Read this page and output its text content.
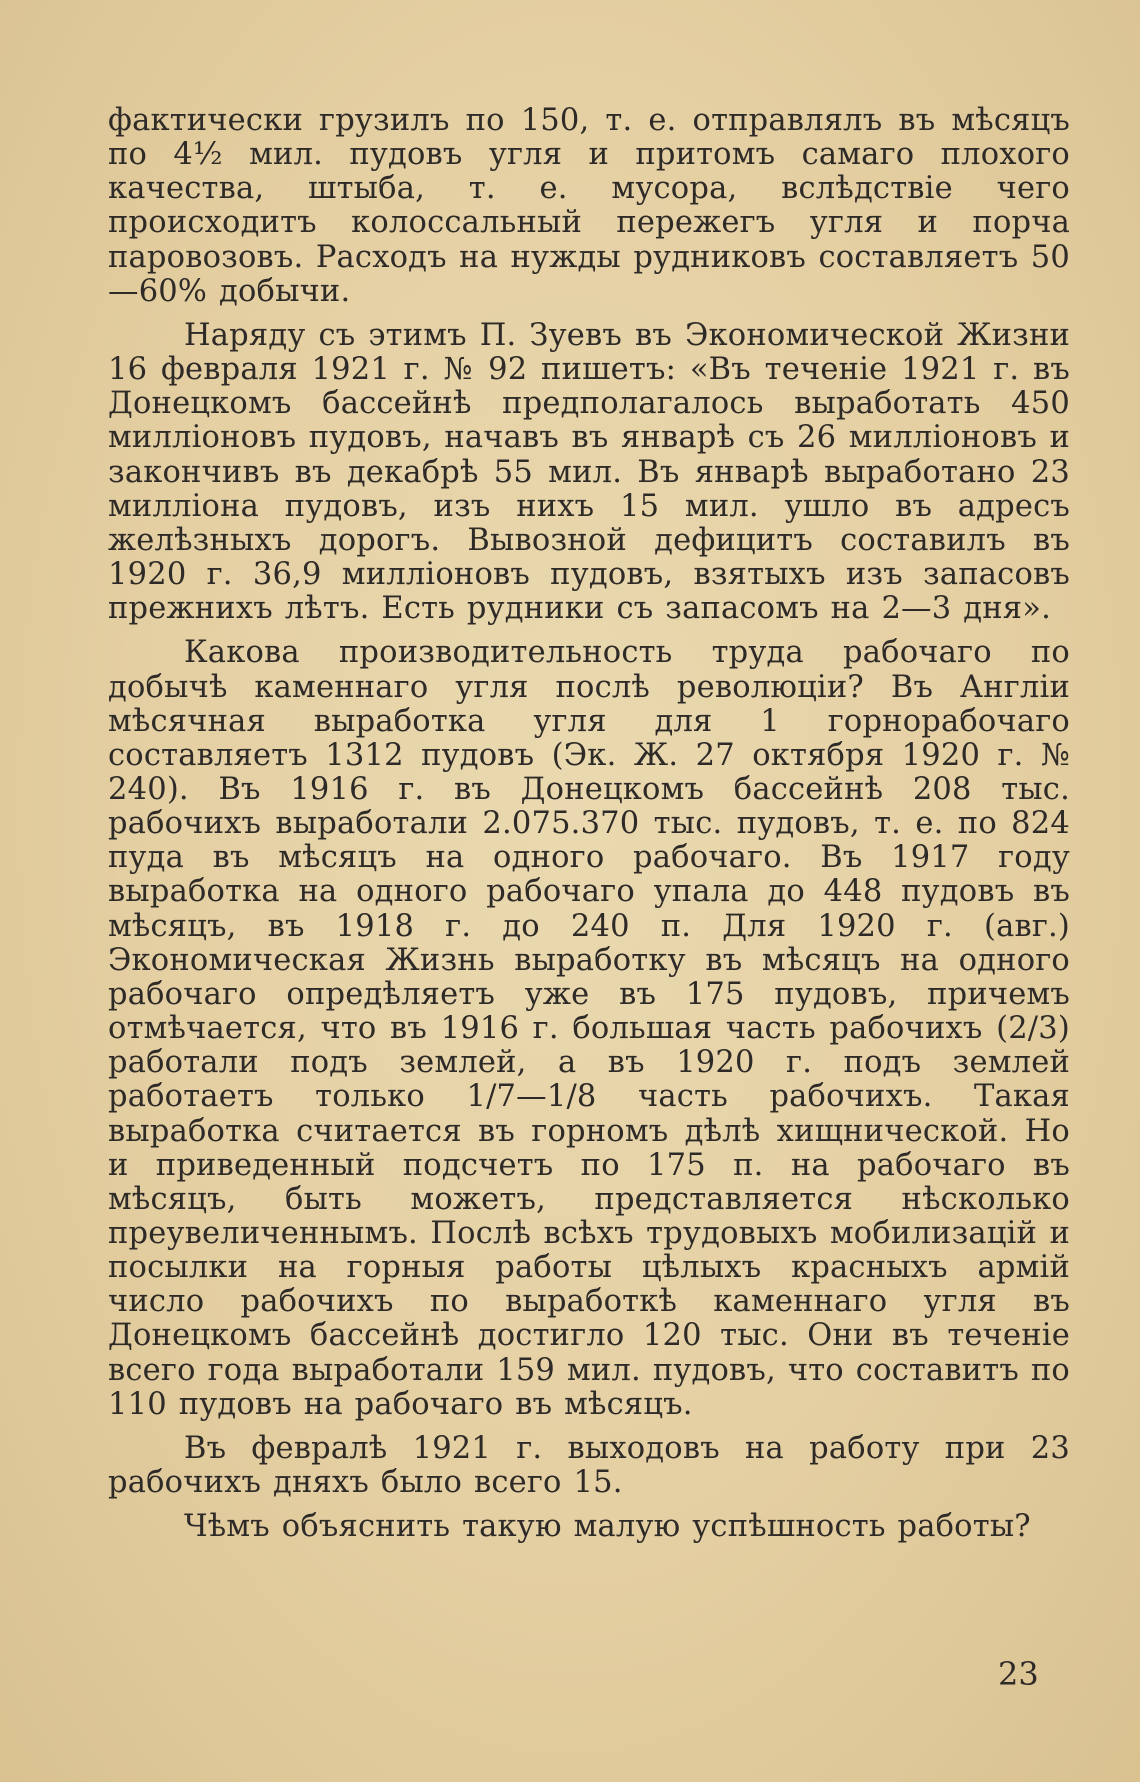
фактически грузилъ по 150, т. е. отправлялъ въ мѣсяцъ по 4½ мил. пудовъ угля и притомъ самаго плохого качества, штыба, т. е. мусора, вслѣдствіе чего происходитъ колоссальный пережегъ угля и порча паровозовъ. Расходъ на нужды рудниковъ составляетъ 50—60% добычи.

Наряду съ этимъ П. Зуевъ въ Экономической Жизни 16 февраля 1921 г. № 92 пишетъ: «Въ теченіе 1921 г. въ Донецкомъ бассейнѣ предполагалось выработать 450 милліоновъ пудовъ, начавъ въ январѣ съ 26 милліоновъ и закончивъ въ декабрѣ 55 мил. Въ январѣ выработано 23 милліона пудовъ, изъ нихъ 15 мил. ушло въ адресъ желѣзныхъ дорогъ. Вывозной дефицитъ составилъ въ 1920 г. 36,9 милліоновъ пудовъ, взятыхъ изъ запасовъ прежнихъ лѣтъ. Есть рудники съ запасомъ на 2—3 дня».

Какова производительность труда рабочаго по добычѣ каменнаго угля послѣ революціи? Въ Англіи мѣсячная выработка угля для 1 горнорабочаго составляетъ 1312 пудовъ (Эк. Ж. 27 октября 1920 г. № 240). Въ 1916 г. въ Донецкомъ бассейнѣ 208 тыс. рабочихъ выработали 2.075.370 тыс. пудовъ, т. е. по 824 пуда въ мѣсяцъ на одного рабочаго. Въ 1917 году выработка на одного рабочаго упала до 448 пудовъ въ мѣсяцъ, въ 1918 г. до 240 п. Для 1920 г. (авг.) Экономическая Жизнь выработку въ мѣсяцъ на одного рабочаго опредѣляетъ уже въ 175 пудовъ, причемъ отмѣчается, что въ 1916 г. большая часть рабочихъ (2/3) работали подъ землей, а въ 1920 г. подъ землей работаетъ только 1/7—1/8 часть рабочихъ. Такая выработка считается въ горномъ дѣлѣ хищнической. Но и приведенный подсчетъ по 175 п. на рабочаго въ мѣсяцъ, быть можетъ, представляется нѣсколько преувеличеннымъ. Послѣ всѣхъ трудовыхъ мобилизацій и посылки на горныя работы цѣлыхъ красныхъ армій число рабочихъ по выработкѣ каменнаго угля въ Донецкомъ бассейнѣ достигло 120 тыс. Они въ теченіе всего года выработали 159 мил. пудовъ, что составитъ по 110 пудовъ на рабочаго въ мѣсяцъ.

Въ февралѣ 1921 г. выходовъ на работу при 23 рабочихъ дняхъ было всего 15.

Чѣмъ объяснить такую малую успѣшность работы?

23
